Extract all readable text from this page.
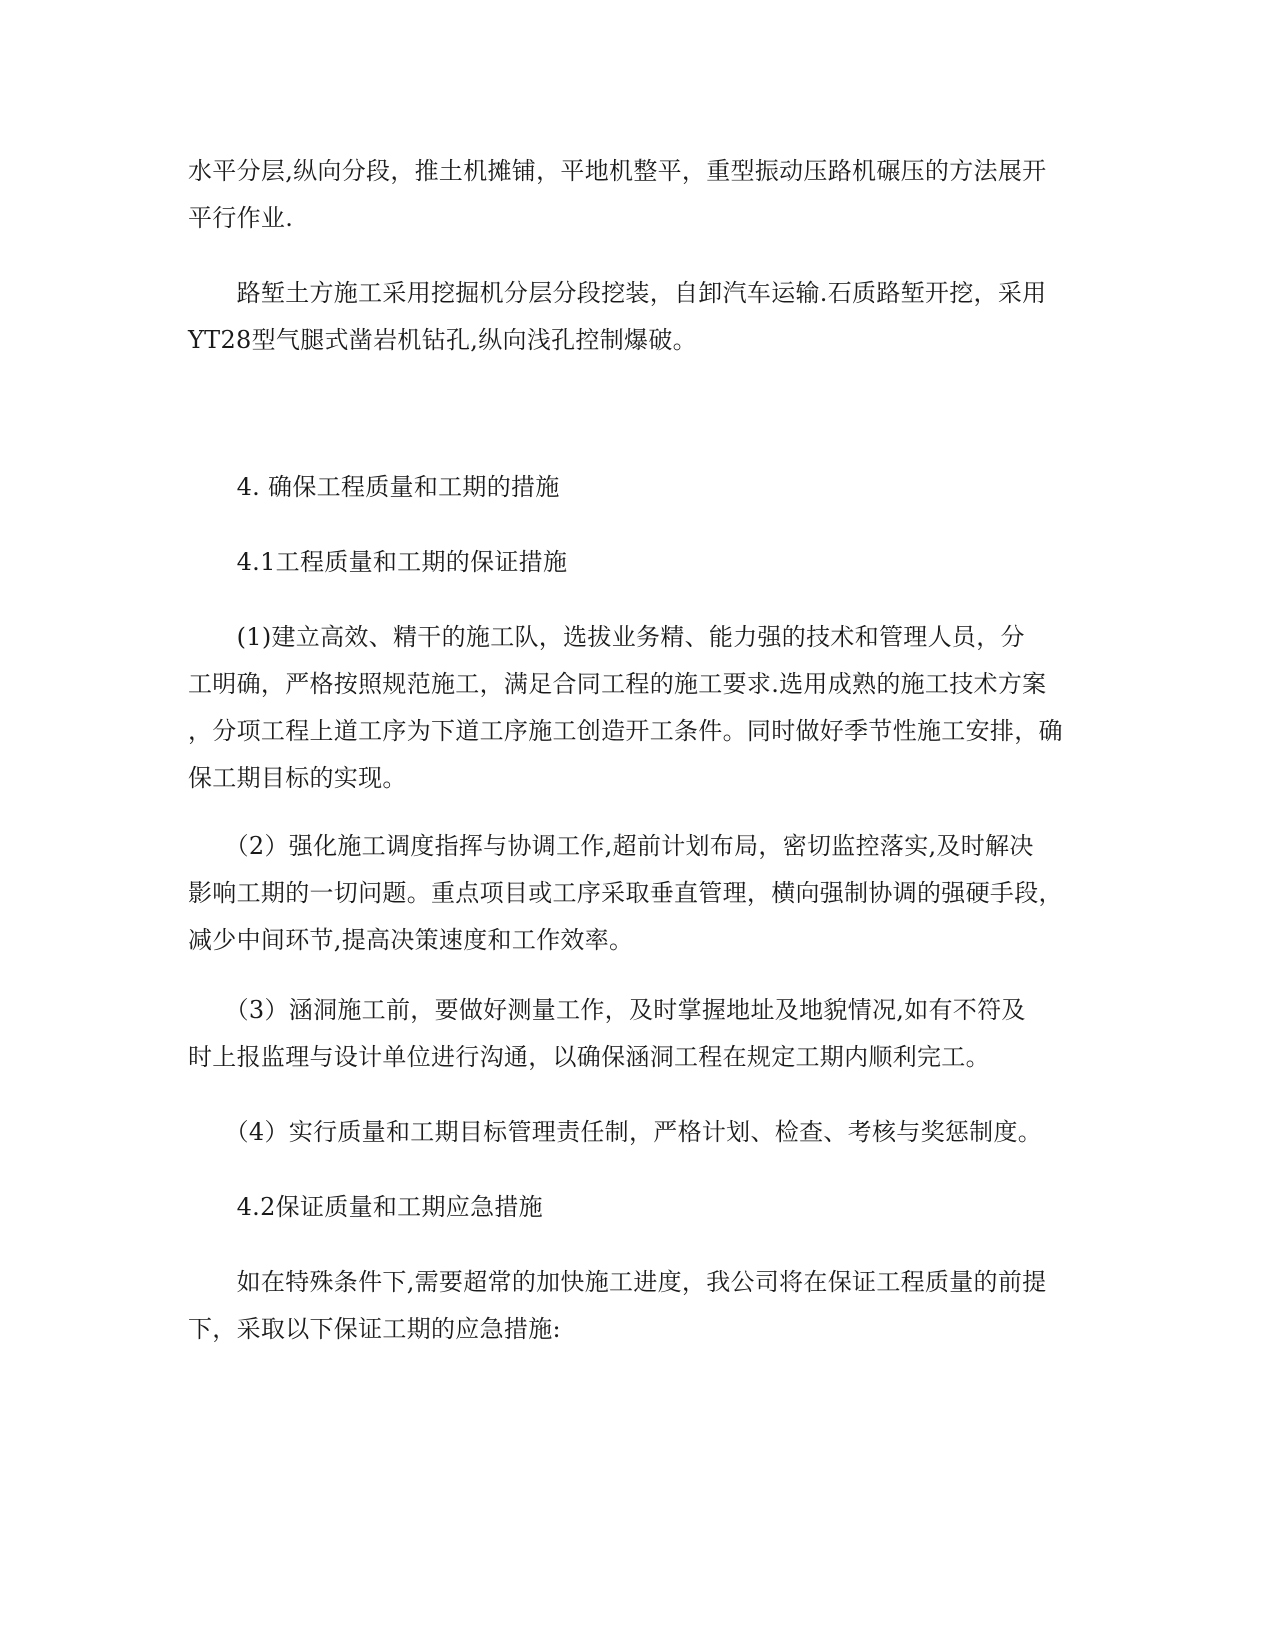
水平分层,纵向分段，推土机摊铺，平地机整平，重型振动压路机碾压的方法展开
平行作业.

　　路堑土方施工采用挖掘机分层分段挖装，自卸汽车运输.石质路堑开挖，采用
YT28型气腿式凿岩机钻孔,纵向浅孔控制爆破。

　　4. 确保工程质量和工期的措施

　　4.1工程质量和工期的保证措施

　　(1)建立高效、精干的施工队，选拔业务精、能力强的技术和管理人员，分
工明确，严格按照规范施工，满足合同工程的施工要求.选用成熟的施工技术方案
，分项工程上道工序为下道工序施工创造开工条件。同时做好季节性施工安排，确
保工期目标的实现。

　　（2）强化施工调度指挥与协调工作,超前计划布局，密切监控落实,及时解决
影响工期的一切问题。重点项目或工序采取垂直管理，横向强制协调的强硬手段，
减少中间环节,提高决策速度和工作效率。

　　（3）涵洞施工前，要做好测量工作，及时掌握地址及地貌情况,如有不符及
时上报监理与设计单位进行沟通，以确保涵洞工程在规定工期内顺利完工。

　　（4）实行质量和工期目标管理责任制，严格计划、检查、考核与奖惩制度。

　　4.2保证质量和工期应急措施

　　如在特殊条件下,需要超常的加快施工进度，我公司将在保证工程质量的前提
下，采取以下保证工期的应急措施:
